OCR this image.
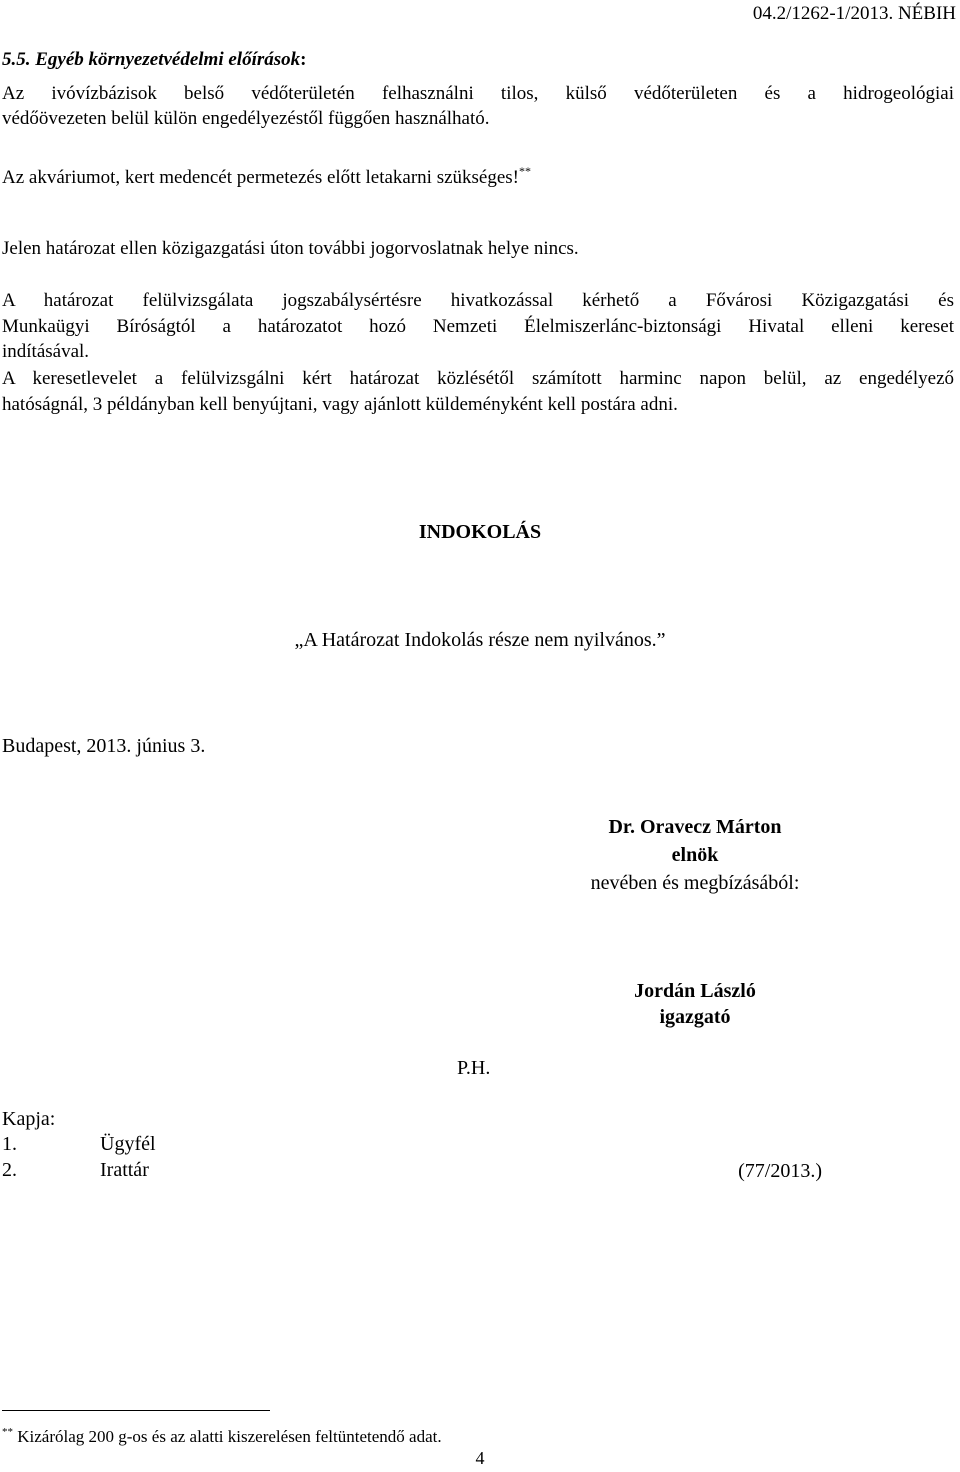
04.2/1262-1/2013. NÉBIH
5.5. Egyéb környezetvédelmi előírások:
Az ivóvízbázisok belső védőterületén felhasználni tilos, külső védőterületen és a hidrogeológiai
védőövezeten belül külön engedélyezéstől függően használható.
Az akváriumot, kert medencét permetezés előtt letakarni szükséges!**
Jelen határozat ellen közigazgatási úton további jogorvoslatnak helye nincs.
A határozat felülvizsgálata jogszabálysértésre hivatkozással kérhető a Fővárosi Közigazgatási és
Munkaügyi Bíróságtól a határozatot hozó Nemzeti Élelmiszerlánc-biztonsági Hivatal elleni kereset
indításával.
A keresetlevelet a felülvizsgálni kért határozat közlésétől számított harminc napon belül, az engedélyező
hatóságnál, 3 példányban kell benyújtani, vagy ajánlott küldeményként kell postára adni.
INDOKOLÁS
„A Határozat Indokolás része nem nyilvános.”
Budapest, 2013. június 3.
Dr. Oravecz Márton
elnök
nevében és megbízásából:
Jordán László
igazgató
P.H.
Kapja:
1.	Ügyfél
2.	Irattár	(77/2013.)
** Kizárólag 200 g-os és az alatti kiszerelésen feltüntetendő adat.
4
